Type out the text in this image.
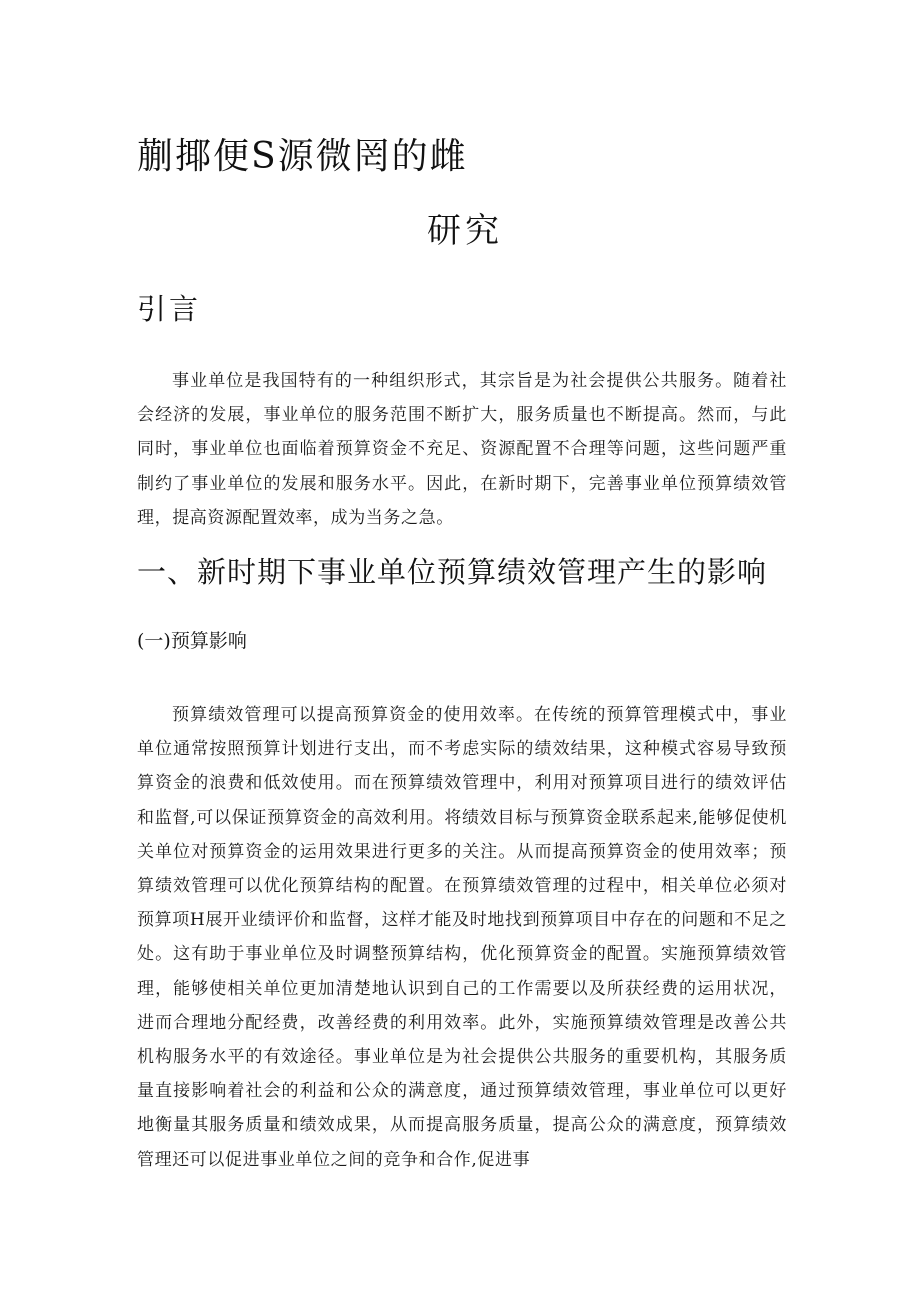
蒯揶便S源微罔的雌
研究
引言

事业单位是我国特有的一种组织形式，其宗旨是为社会提供公共服务。随着社会经济的发展，事业单位的服务范围不断扩大，服务质量也不断提高。然而，与此同时，事业单位也面临着预算资金不充足、资源配置不合理等问题，这些问题严重制约了事业单位的发展和服务水平。因此，在新时期下，完善事业单位预算绩效管理，提高资源配置效率，成为当务之急。

一、新时期下事业单位预算绩效管理产生的影响
(一)预算影响

预算绩效管理可以提高预算资金的使用效率。在传统的预算管理模式中，事业单位通常按照预算计划进行支出，而不考虑实际的绩效结果，这种模式容易导致预算资金的浪费和低效使用。而在预算绩效管理中，利用对预算项目进行的绩效评估和监督,可以保证预算资金的高效利用。将绩效目标与预算资金联系起来,能够促使机关单位对预算资金的运用效果进行更多的关注。从而提高预算资金的使用效率；预算绩效管理可以优化预算结构的配置。在预算绩效管理的过程中，相关单位必须对预算项H展开业绩评价和监督，这样才能及时地找到预算项目中存在的问题和不足之处。这有助于事业单位及时调整预算结构，优化预算资金的配置。实施预算绩效管理，能够使相关单位更加清楚地认识到自己的工作需要以及所获经费的运用状况，进而合理地分配经费，改善经费的利用效率。此外，实施预算绩效管理是改善公共机构服务水平的有效途径。事业单位是为社会提供公共服务的重要机构，其服务质量直接影响着社会的利益和公众的满意度，通过预算绩效管理，事业单位可以更好地衡量其服务质量和绩效成果，从而提高服务质量，提高公众的满意度，预算绩效管理还可以促进事业单位之间的竞争和合作,促进事
